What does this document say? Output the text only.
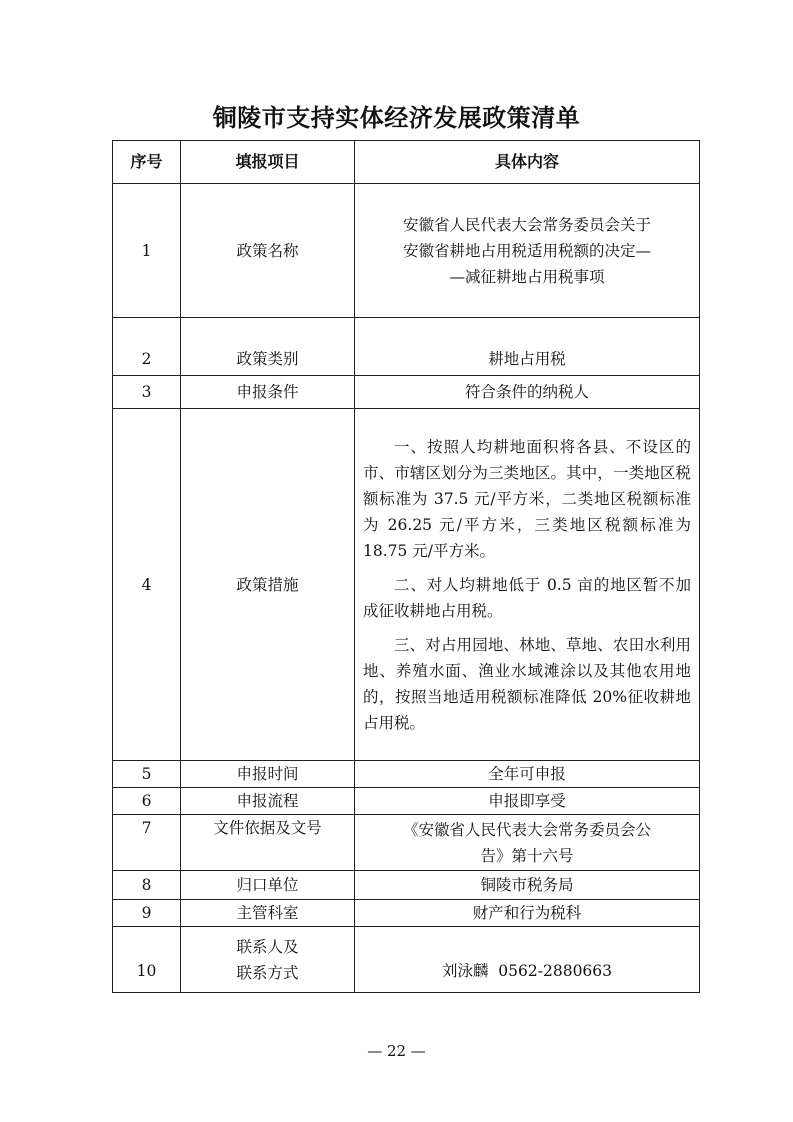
铜陵市支持实体经济发展政策清单
序号	填报项目	具体内容
1	政策名称	安徽省人民代表大会常务委员会关于
安徽省耕地占用税适用税额的决定—
—减征耕地占用税事项

2	政策类别	耕地占用税
3	申报条件	符合条件的纳税人
4	政策措施	一、按照人均耕地面积将各县、不设区的市、市辖区划分为三类地区。其中，一类地区税额标准为 37.5 元/平方米，二类地区税额标准为 26.25 元/平方米，三类地区税额标准为 18.75 元/平方米。

二、对人均耕地低于 0.5 亩的地区暂不加成征收耕地占用税。

三、对占用园地、林地、草地、农田水利用地、养殖水面、渔业水域滩涂以及其他农用地的，按照当地适用税额标准降低 20%征收耕地占用税。

5	申报时间	全年可申报
6	申报流程	申报即享受
7	文件依据及文号	《安徽省人民代表大会常务委员会公
告》第十六号

8	归口单位	铜陵市税务局
9	主管科室	财产和行为税科
10	联系人及
联系方式	刘泳麟  0562-2880663
— 22 —
